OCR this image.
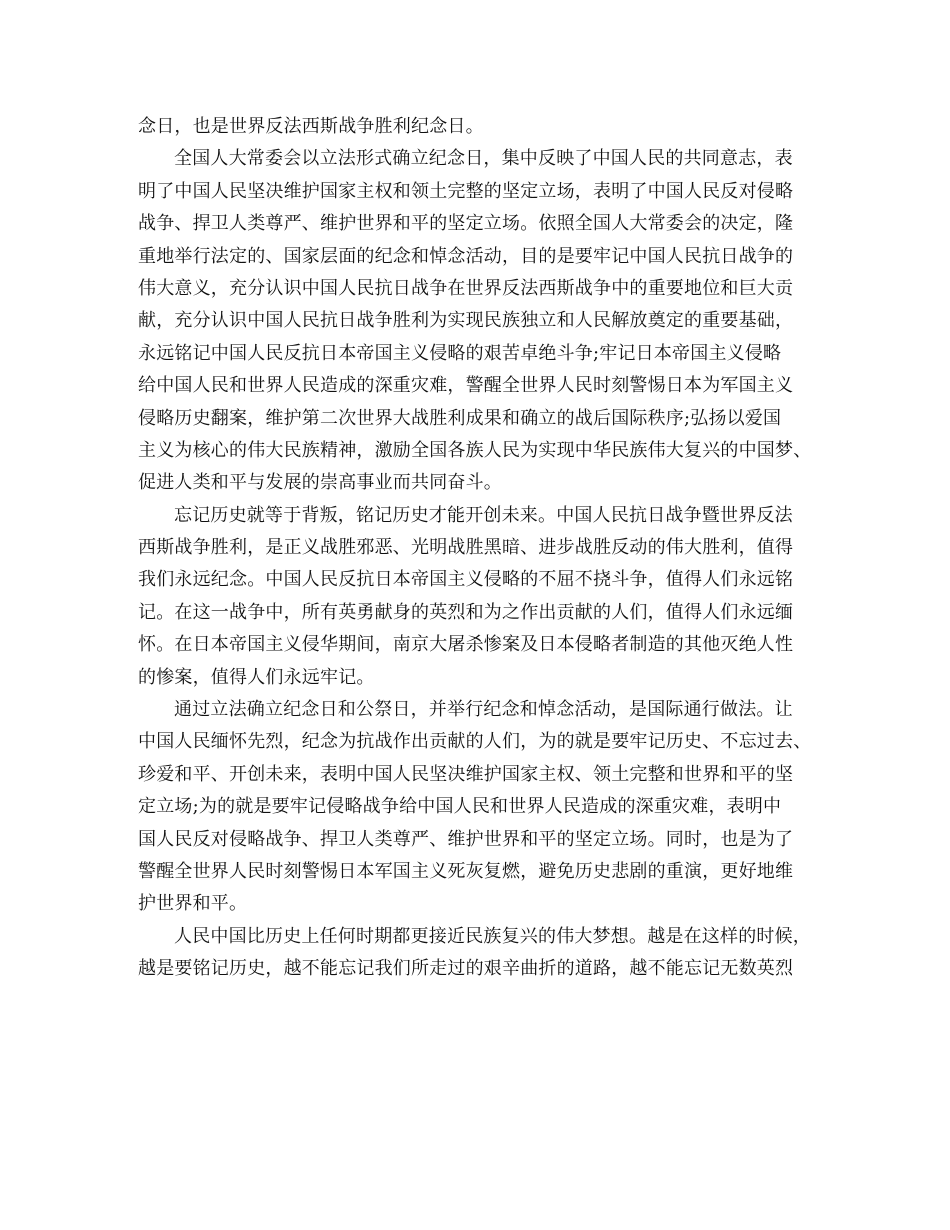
念日，也是世界反法西斯战争胜利纪念日。
全国人大常委会以立法形式确立纪念日，集中反映了中国人民的共同意志，表
明了中国人民坚决维护国家主权和领土完整的坚定立场，表明了中国人民反对侵略
战争、捍卫人类尊严、维护世界和平的坚定立场。依照全国人大常委会的决定，隆
重地举行法定的、国家层面的纪念和悼念活动，目的是要牢记中国人民抗日战争的
伟大意义，充分认识中国人民抗日战争在世界反法西斯战争中的重要地位和巨大贡
献，充分认识中国人民抗日战争胜利为实现民族独立和人民解放奠定的重要基础，
永远铭记中国人民反抗日本帝国主义侵略的艰苦卓绝斗争;牢记日本帝国主义侵略
给中国人民和世界人民造成的深重灾难，警醒全世界人民时刻警惕日本为军国主义
侵略历史翻案，维护第二次世界大战胜利成果和确立的战后国际秩序;弘扬以爱国
主义为核心的伟大民族精神，激励全国各族人民为实现中华民族伟大复兴的中国梦、
促进人类和平与发展的崇高事业而共同奋斗。
忘记历史就等于背叛，铭记历史才能开创未来。中国人民抗日战争暨世界反法
西斯战争胜利，是正义战胜邪恶、光明战胜黑暗、进步战胜反动的伟大胜利，值得
我们永远纪念。中国人民反抗日本帝国主义侵略的不屈不挠斗争，值得人们永远铭
记。在这一战争中，所有英勇献身的英烈和为之作出贡献的人们，值得人们永远缅
怀。在日本帝国主义侵华期间，南京大屠杀惨案及日本侵略者制造的其他灭绝人性
的惨案，值得人们永远牢记。
通过立法确立纪念日和公祭日，并举行纪念和悼念活动，是国际通行做法。让
中国人民缅怀先烈，纪念为抗战作出贡献的人们，为的就是要牢记历史、不忘过去、
珍爱和平、开创未来，表明中国人民坚决维护国家主权、领土完整和世界和平的坚
定立场;为的就是要牢记侵略战争给中国人民和世界人民造成的深重灾难，表明中
国人民反对侵略战争、捍卫人类尊严、维护世界和平的坚定立场。同时，也是为了
警醒全世界人民时刻警惕日本军国主义死灰复燃，避免历史悲剧的重演，更好地维
护世界和平。
人民中国比历史上任何时期都更接近民族复兴的伟大梦想。越是在这样的时候，
越是要铭记历史，越不能忘记我们所走过的艰辛曲折的道路，越不能忘记无数英烈
